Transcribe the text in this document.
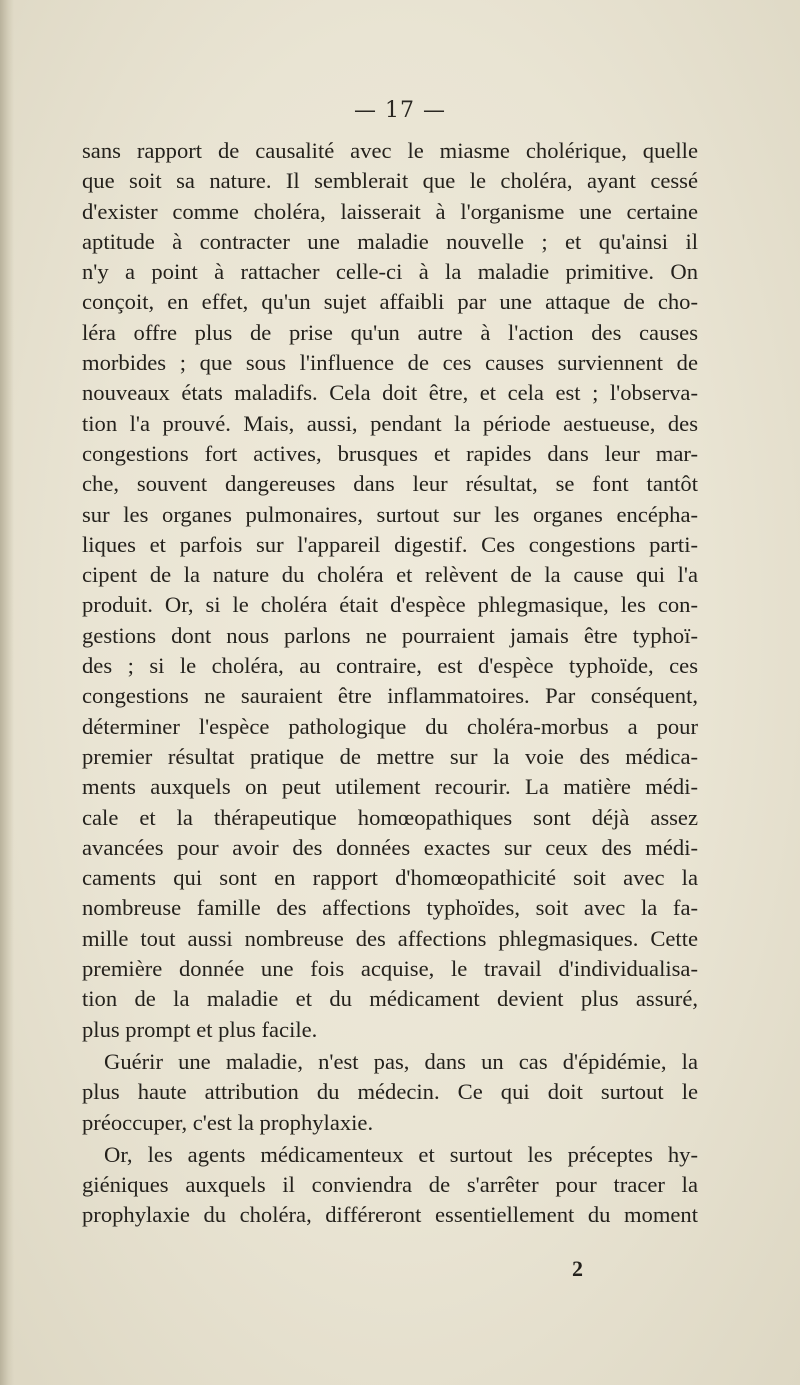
— 17 —
sans rapport de causalité avec le miasme cholérique, quelle
que soit sa nature. Il semblerait que le choléra, ayant cessé
d'exister comme choléra, laisserait à l'organisme une certaine
aptitude à contracter une maladie nouvelle ; et qu'ainsi il
n'y a point à rattacher celle-ci à la maladie primitive. On
conçoit, en effet, qu'un sujet affaibli par une attaque de cho-
léra offre plus de prise qu'un autre à l'action des causes
morbides ; que sous l'influence de ces causes surviennent de
nouveaux états maladifs. Cela doit être, et cela est ; l'observa-
tion l'a prouvé. Mais, aussi, pendant la période aestueuse, des
congestions fort actives, brusques et rapides dans leur mar-
che, souvent dangereuses dans leur résultat, se font tantôt
sur les organes pulmonaires, surtout sur les organes encépha-
liques et parfois sur l'appareil digestif. Ces congestions parti-
cipent de la nature du choléra et relèvent de la cause qui l'a
produit. Or, si le choléra était d'espèce phlegmasique, les con-
gestions dont nous parlons ne pourraient jamais être typhoï-
des ; si le choléra, au contraire, est d'espèce typhoïde, ces
congestions ne sauraient être inflammatoires. Par conséquent,
déterminer l'espèce pathologique du choléra-morbus a pour
premier résultat pratique de mettre sur la voie des médica-
ments auxquels on peut utilement recourir. La matière médi-
cale et la thérapeutique homœopathiques sont déjà assez
avancées pour avoir des données exactes sur ceux des médi-
caments qui sont en rapport d'homœopathicité soit avec la
nombreuse famille des affections typhoïdes, soit avec la fa-
mille tout aussi nombreuse des affections phlegmasiques. Cette
première donnée une fois acquise, le travail d'individualisa-
tion de la maladie et du médicament devient plus assuré,
plus prompt et plus facile.
Guérir une maladie, n'est pas, dans un cas d'épidémie, la
plus haute attribution du médecin. Ce qui doit surtout le
préoccuper, c'est la prophylaxie.
Or, les agents médicamenteux et surtout les préceptes hy-
giéniques auxquels il conviendra de s'arrêter pour tracer la
prophylaxie du choléra, différeront essentiellement du moment
2
